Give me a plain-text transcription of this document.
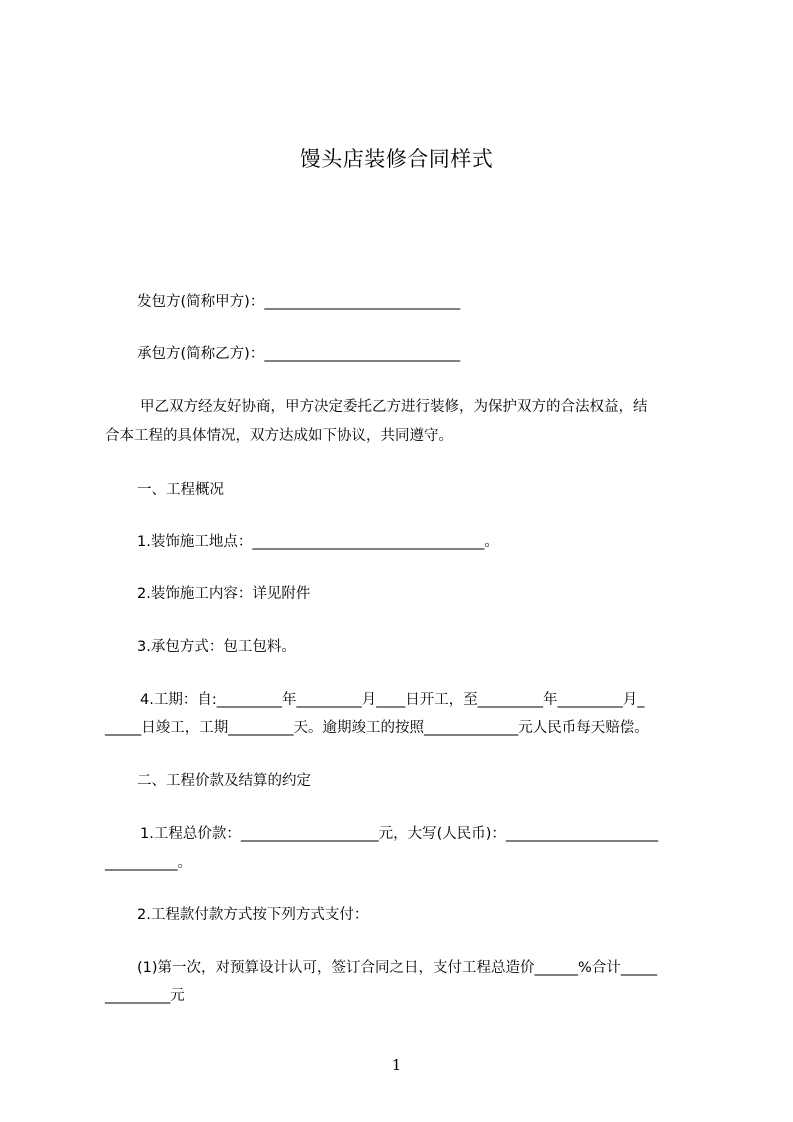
馒头店装修合同样式
发包方(简称甲方)：___________________________
承包方(简称乙方)：___________________________
甲乙双方经友好协商，甲方决定委托乙方进行装修，为保护双方的合法权益，结
合本工程的具体情况，双方达成如下协议，共同遵守。
一、工程概况
1.装饰施工地点：________________________________。
2.装饰施工内容：详见附件
3.承包方式：包工包料。
4.工期：自:_________年_________月____日开工，至_________年_________月_
_____日竣工，工期_________天。逾期竣工的按照_____________元人民币每天赔偿。
二、工程价款及结算的约定
1.工程总价款：___________________元，大写(人民币)：_____________________
__________。
2.工程款付款方式按下列方式支付：
(1)第一次，对预算设计认可，签订合同之日，支付工程总造价______%合计_____
_________元
1
